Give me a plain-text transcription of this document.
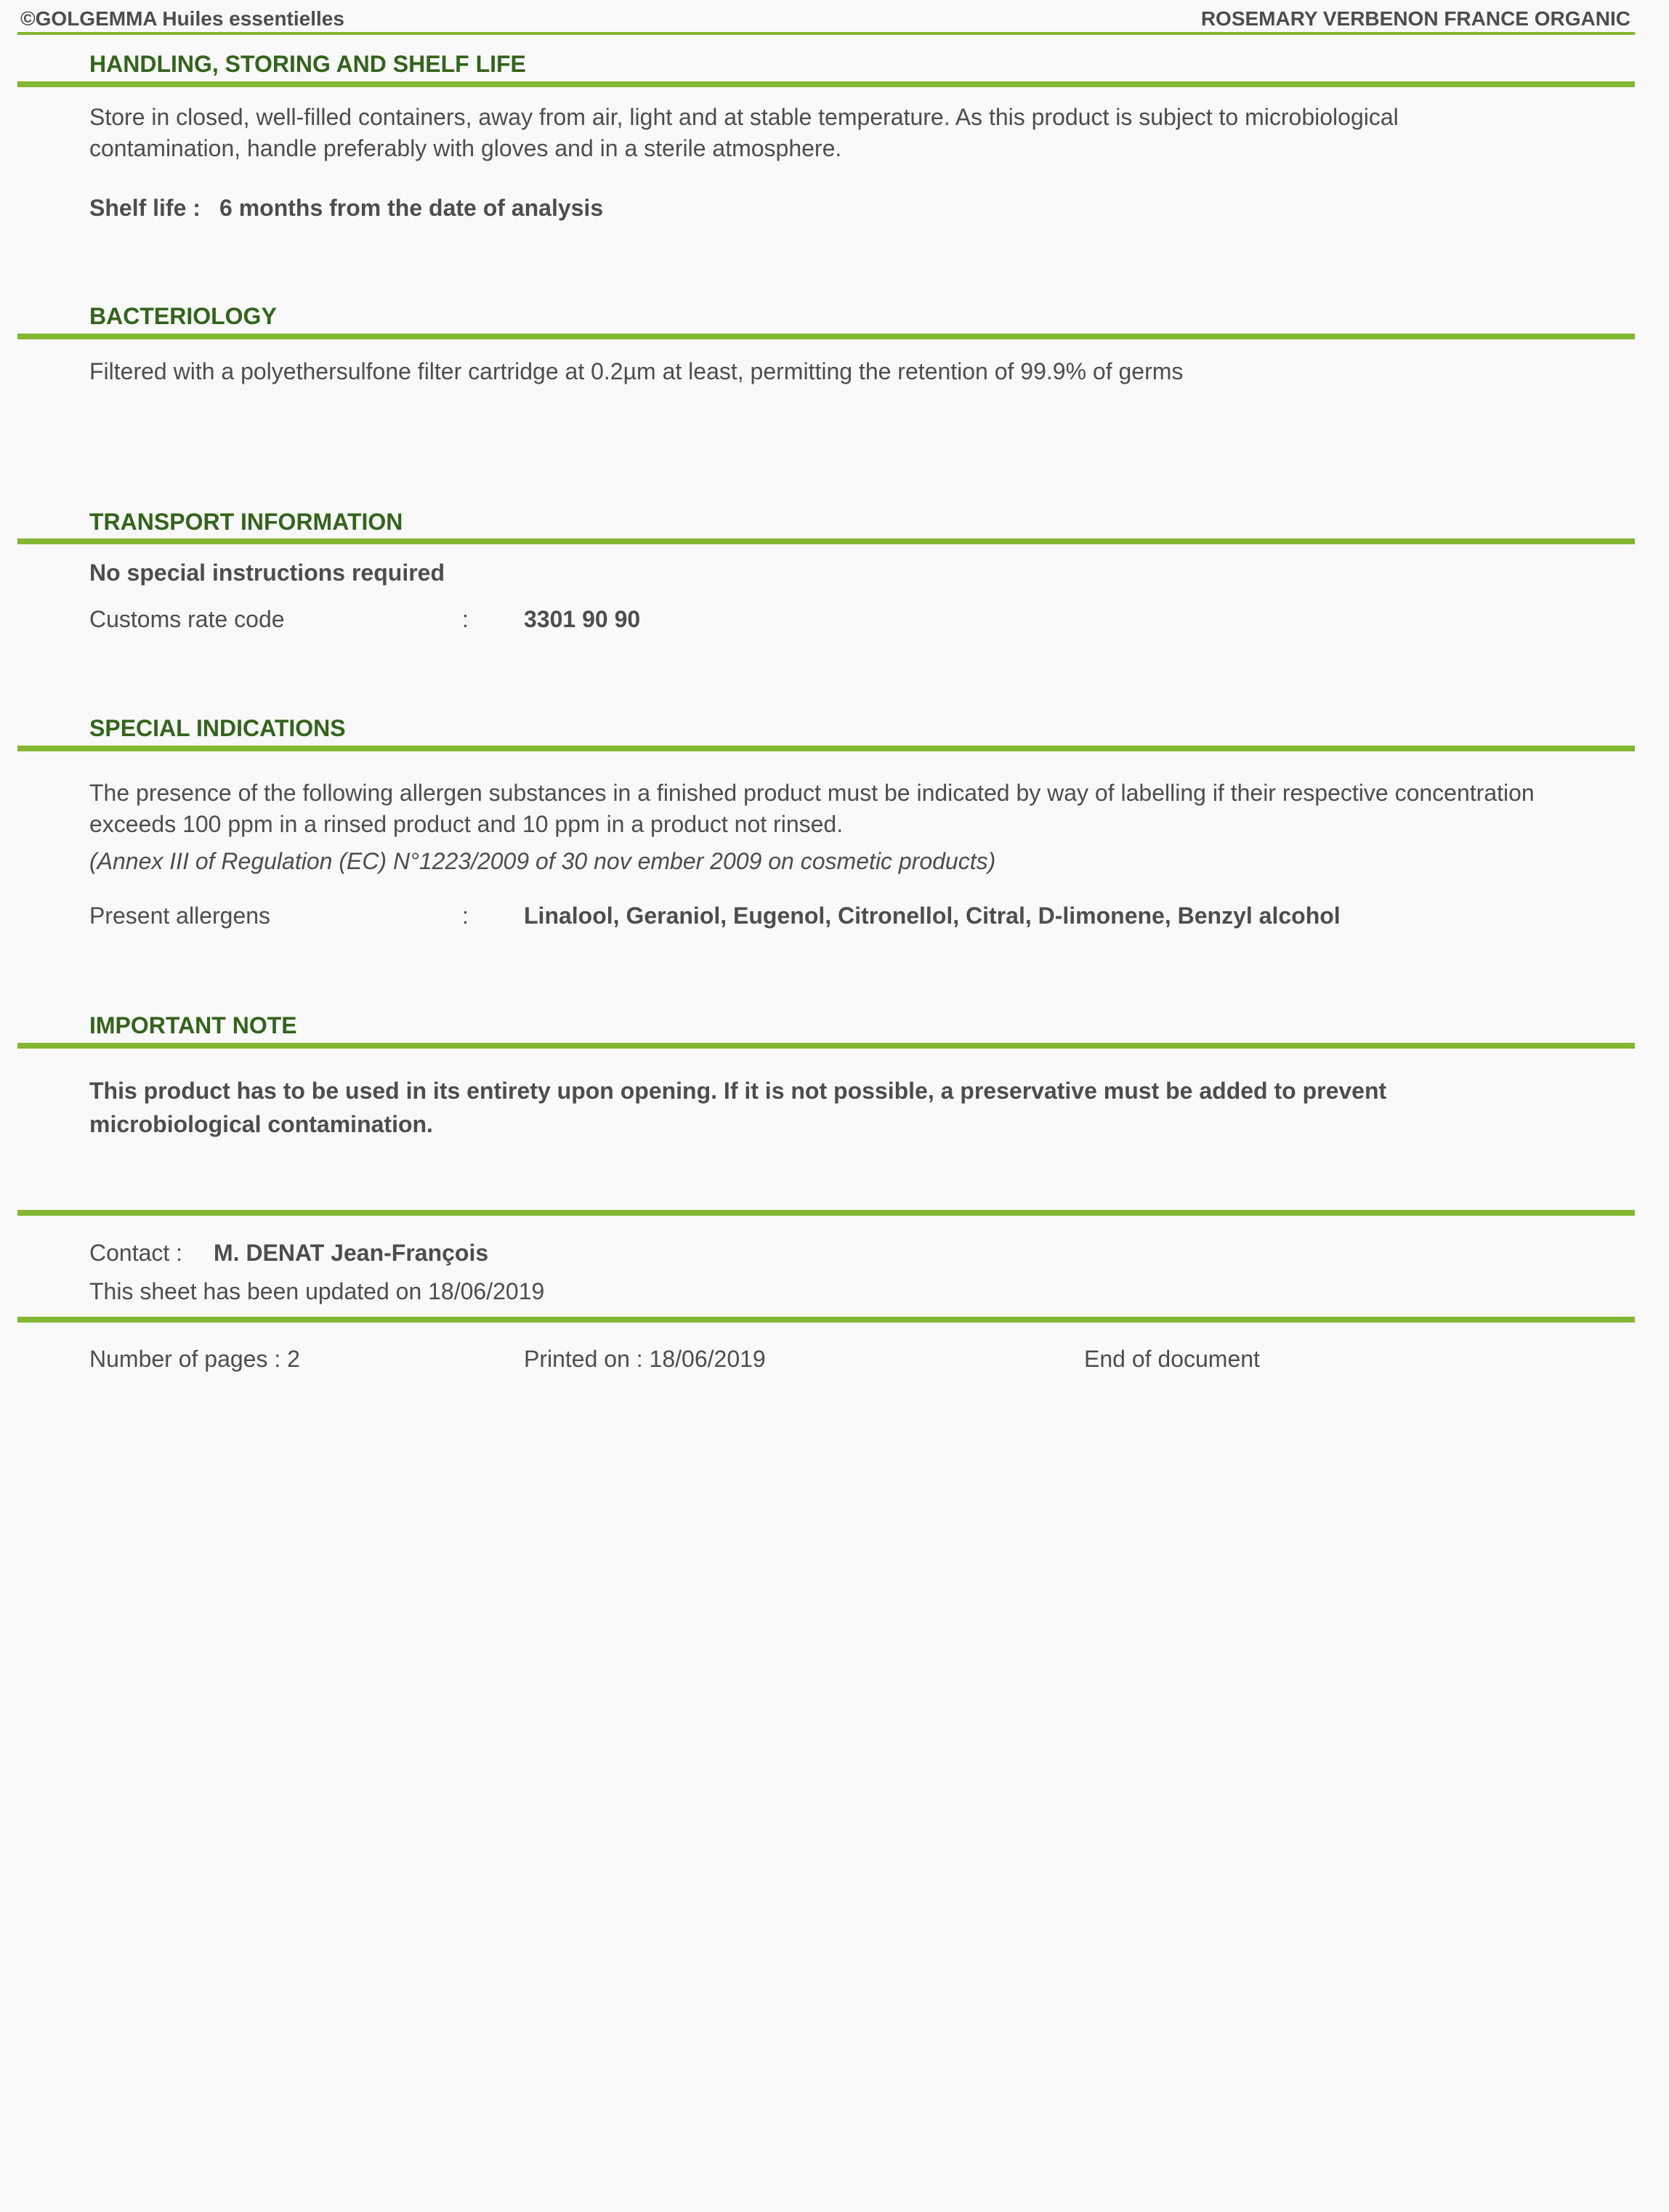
©GOLGEMMA Huiles essentielles	ROSEMARY VERBENON FRANCE ORGANIC
HANDLING, STORING AND SHELF LIFE
Store in closed, well-filled containers, away from air, light and at stable temperature. As this product is subject to microbiological contamination, handle preferably with gloves and in a sterile atmosphere.
Shelf life : 6 months from the date of analysis
BACTERIOLOGY
Filtered with a polyethersulfone filter cartridge at 0.2µm at least, permitting the retention of 99.9% of germs
TRANSPORT INFORMATION
No special instructions required
Customs rate code	: 3301 90 90
SPECIAL INDICATIONS
The presence of the following allergen substances in a finished product must be indicated by way of labelling if their respective concentration exceeds 100 ppm in a rinsed product and 10 ppm in a product not rinsed.
(Annex III of Regulation (EC) N°1223/2009 of 30 nov ember 2009 on cosmetic products)
Present allergens	: Linalool, Geraniol, Eugenol, Citronellol, Citral, D-limonene, Benzyl alcohol
IMPORTANT NOTE
This product has to be used in its entirety upon opening. If it is not possible, a preservative must be added to prevent microbiological contamination.
Contact : M. DENAT Jean-François
This sheet has been updated on 18/06/2019
Number of pages : 2	Printed on : 18/06/2019	End of document
